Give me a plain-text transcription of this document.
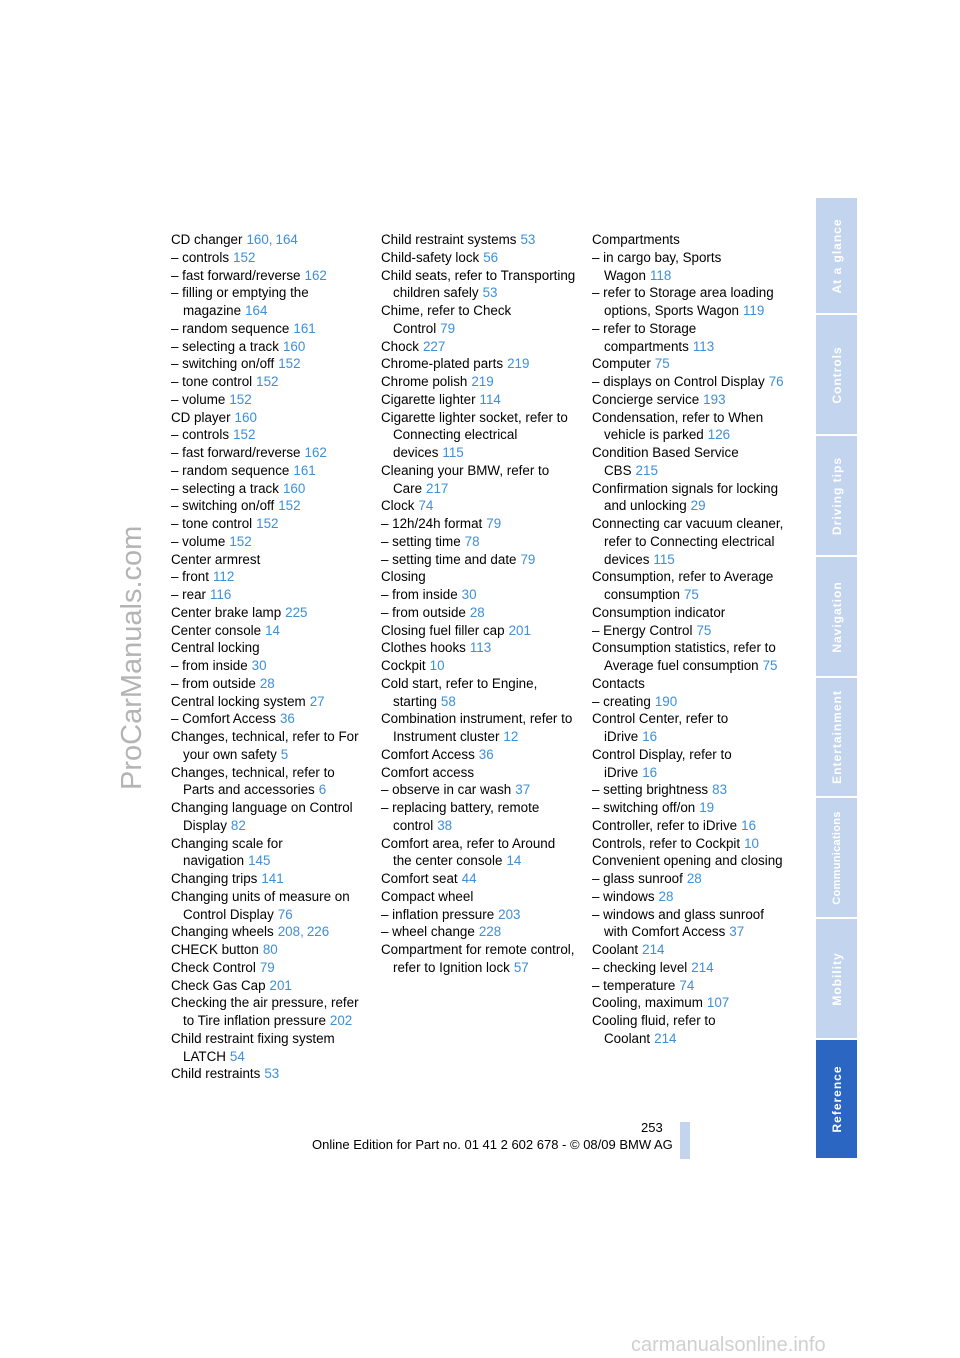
ProCarManuals.com
CD changer 160, 164
– controls 152
– fast forward/reverse 162
– filling or emptying the magazine 164
– random sequence 161
– selecting a track 160
– switching on/off 152
– tone control 152
– volume 152
CD player 160
– controls 152
– fast forward/reverse 162
– random sequence 161
– selecting a track 160
– switching on/off 152
– tone control 152
– volume 152
Center armrest
– front 112
– rear 116
Center brake lamp 225
Center console 14
Central locking
– from inside 30
– from outside 28
Central locking system 27
– Comfort Access 36
Changes, technical, refer to For your own safety 5
Changes, technical, refer to Parts and accessories 6
Changing language on Control Display 82
Changing scale for navigation 145
Changing trips 141
Changing units of measure on Control Display 76
Changing wheels 208, 226
CHECK button 80
Check Control 79
Check Gas Cap 201
Checking the air pressure, refer to Tire inflation pressure 202
Child restraint fixing system LATCH 54
Child restraints 53
Child restraint systems 53
Child-safety lock 56
Child seats, refer to Transporting children safely 53
Chime, refer to Check Control 79
Chock 227
Chrome-plated parts 219
Chrome polish 219
Cigarette lighter 114
Cigarette lighter socket, refer to Connecting electrical devices 115
Cleaning your BMW, refer to Care 217
Clock 74
– 12h/24h format 79
– setting time 78
– setting time and date 79
Closing
– from inside 30
– from outside 28
Closing fuel filler cap 201
Clothes hooks 113
Cockpit 10
Cold start, refer to Engine, starting 58
Combination instrument, refer to Instrument cluster 12
Comfort Access 36
Comfort access
– observe in car wash 37
– replacing battery, remote control 38
Comfort area, refer to Around the center console 14
Comfort seat 44
Compact wheel
– inflation pressure 203
– wheel change 228
Compartment for remote control, refer to Ignition lock 57
Compartments
– in cargo bay, Sports Wagon 118
– refer to Storage area loading options, Sports Wagon 119
– refer to Storage compartments 113
Computer 75
– displays on Control Display 76
Concierge service 193
Condensation, refer to When vehicle is parked 126
Condition Based Service CBS 215
Confirmation signals for locking and unlocking 29
Connecting car vacuum cleaner, refer to Connecting electrical devices 115
Consumption, refer to Average consumption 75
Consumption indicator
– Energy Control 75
Consumption statistics, refer to Average fuel consumption 75
Contacts
– creating 190
Control Center, refer to iDrive 16
Control Display, refer to iDrive 16
– setting brightness 83
– switching off/on 19
Controller, refer to iDrive 16
Controls, refer to Cockpit 10
Convenient opening and closing
– glass sunroof 28
– windows 28
– windows and glass sunroof with Comfort Access 37
Coolant 214
– checking level 214
– temperature 74
Cooling, maximum 107
Cooling fluid, refer to Coolant 214
At a glance
Controls
Driving tips
Navigation
Entertainment
Communications
Mobility
Reference
253
Online Edition for Part no. 01 41 2 602 678 - © 08/09 BMW AG
carmanualsonline.info
